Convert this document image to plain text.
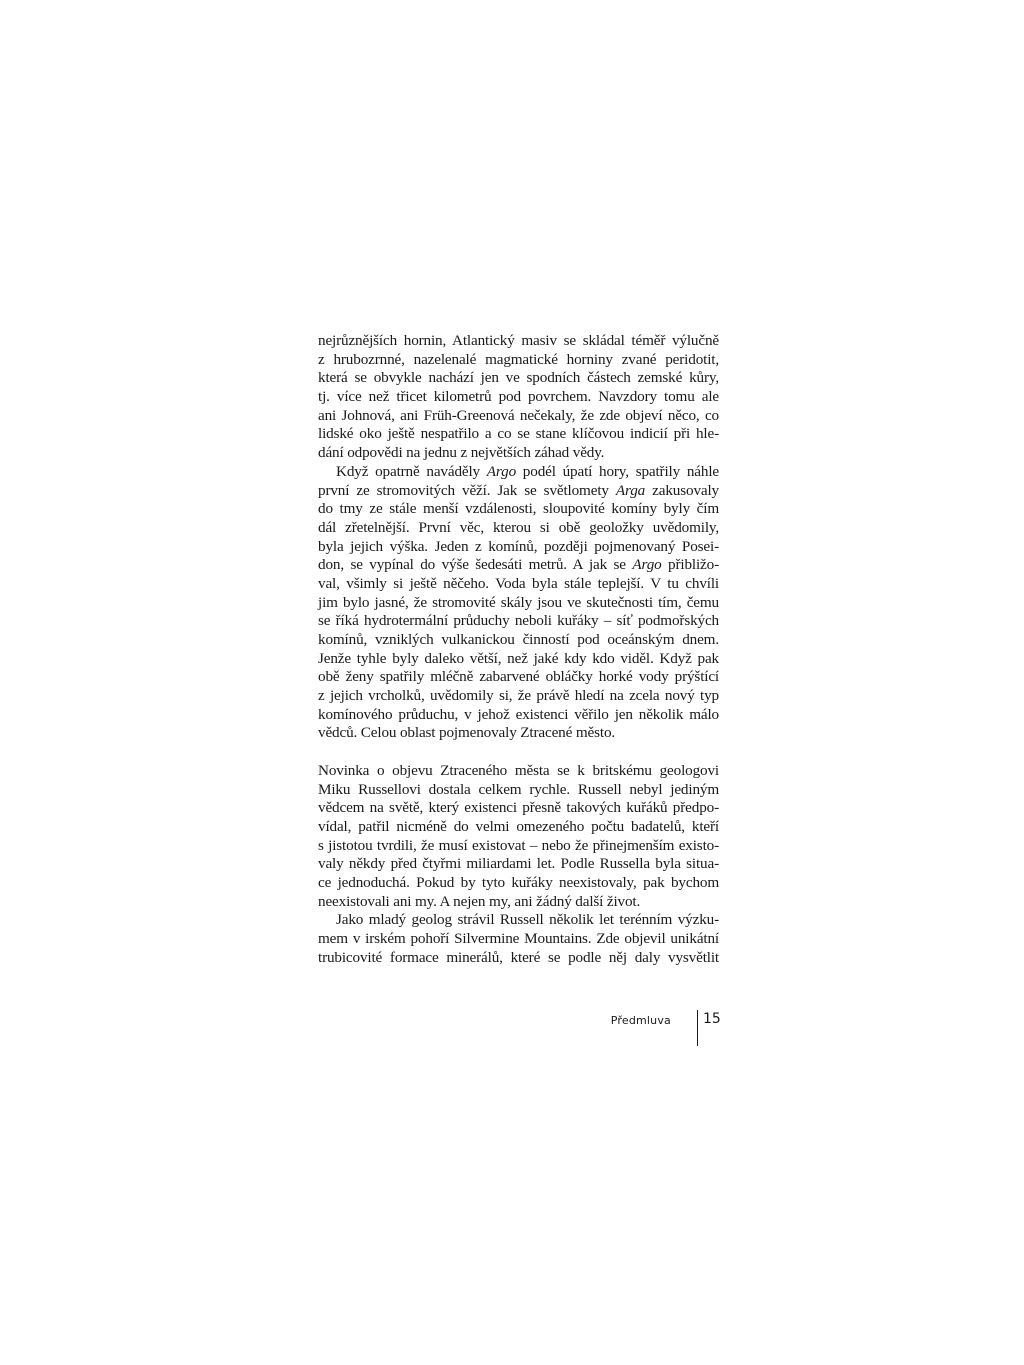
nejrůznějších hornin, Atlantický masiv se skládal téměř výlučně
z hrubozrnné, nazelenalé magmatické horniny zvané peridotit,
která se obvykle nachází jen ve spodních částech zemské kůry,
tj. více než třicet kilometrů pod povrchem. Navzdory tomu ale
ani Johnová, ani Früh-Greenová nečekaly, že zde objeví něco, co
lidské oko ještě nespatřilo a co se stane klíčovou indicií při hle-
dání odpovědi na jednu z největších záhad vědy.
Když opatrně naváděly Argo podél úpatí hory, spatřily náhle
první ze stromovitých věží. Jak se světlomety Arga zakusovaly
do tmy ze stále menší vzdálenosti, sloupovité komíny byly čím
dál zřetelnější. První věc, kterou si obě geoložky uvědomily,
byla jejich výška. Jeden z komínů, později pojmenovaný Posei-
don, se vypínal do výše šedesáti metrů. A jak se Argo přibližo-
val, všimly si ještě něčeho. Voda byla stále teplejší. V tu chvíli
jim bylo jasné, že stromovité skály jsou ve skutečnosti tím, čemu
se říká hydrotermální průduchy neboli kuřáky – síť podmořských
komínů, vzniklých vulkanickou činností pod oceánským dnem.
Jenže tyhle byly daleko větší, než jaké kdy kdo viděl. Když pak
obě ženy spatřily mléčně zabarvené obláčky horké vody prýštící
z jejich vrcholků, uvědomily si, že právě hledí na zcela nový typ
komínového průduchu, v jehož existenci věřilo jen několik málo
vědců. Celou oblast pojmenovaly Ztracené město.
Novinka o objevu Ztraceného města se k britskému geologovi
Miku Russellovi dostala celkem rychle. Russell nebyl jediným
vědcem na světě, který existenci přesně takových kuřáků předpo-
vídal, patřil nicméně do velmi omezeného počtu badatelů, kteří
s jistotou tvrdili, že musí existovat – nebo že přinejmenším existo-
valy někdy před čtyřmi miliardami let. Podle Russella byla situa-
ce jednoduchá. Pokud by tyto kuřáky neexistovaly, pak bychom
neexistovali ani my. A nejen my, ani žádný další život.
Jako mladý geolog strávil Russell několik let terénním výzku-
mem v irském pohoří Silvermine Mountains. Zde objevil unikátní
trubicovité formace minerálů, které se podle něj daly vysvětlit
Předmluva 15
